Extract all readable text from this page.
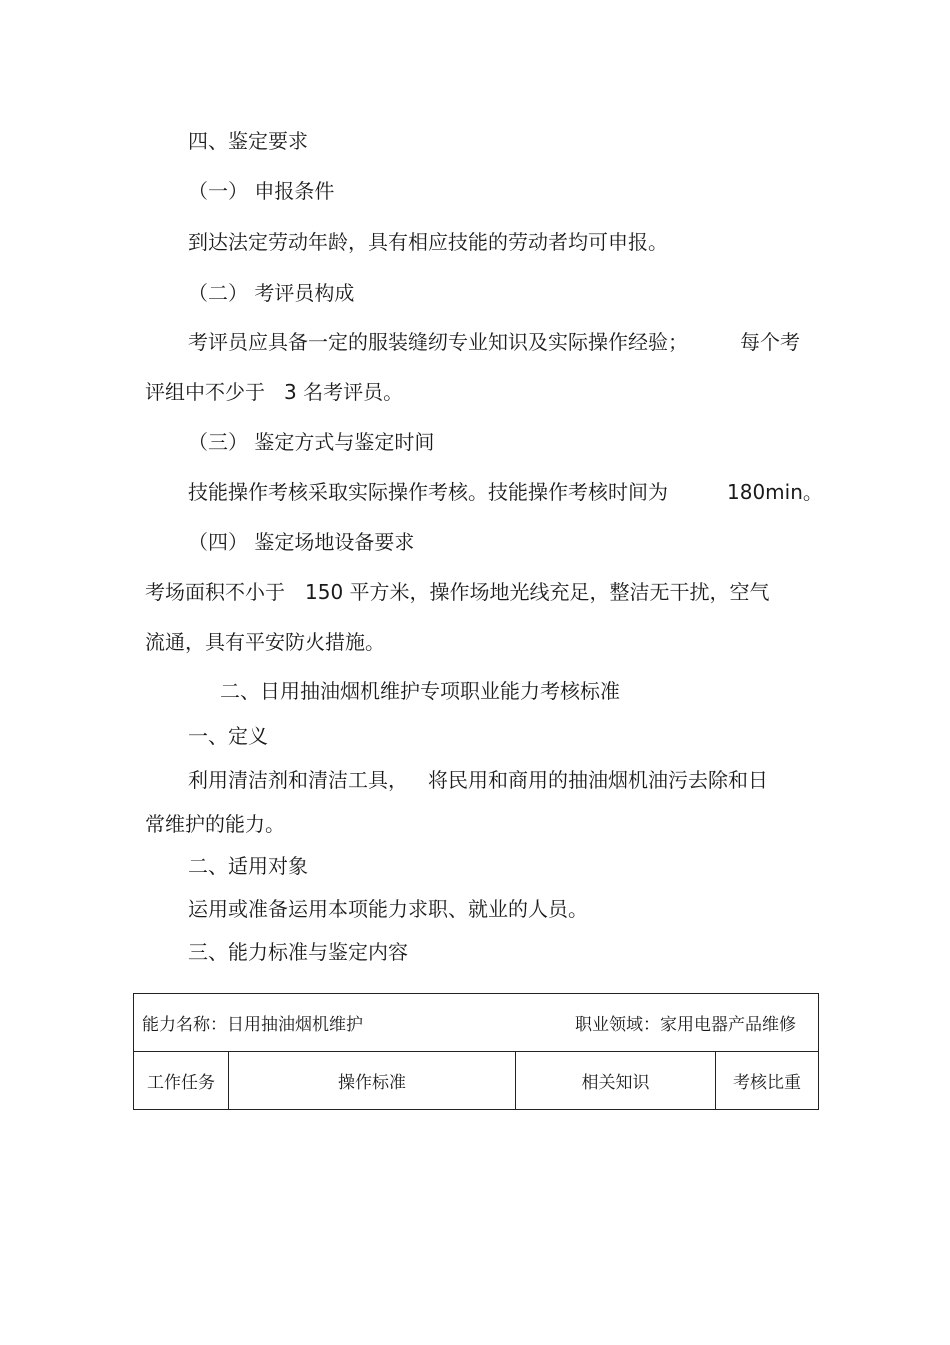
四、鉴定要求
（一） 申报条件
到达法定劳动年龄，具有相应技能的劳动者均可申报。
（二） 考评员构成
考评员应具备一定的服装缝纫专业知识及实际操作经验；	每个考
评组中不少于 3 名考评员。
（三） 鉴定方式与鉴定时间
技能操作考核采取实际操作考核。技能操作考核时间为	180min。
（四） 鉴定场地设备要求
考场面积不小于 150 平方米，操作场地光线充足，整洁无干扰，空气
流通，具有平安防火措施。
二、日用抽油烟机维护专项职业能力考核标准
一、定义
利用清洁剂和清洁工具， 将民用和商用的抽油烟机油污去除和日
常维护的能力。
二、适用对象
运用或准备运用本项能力求职、就业的人员。
三、能力标准与鉴定内容
能力名称：日用抽油烟机维护	职业领域：家用电器产品维修

工作任务	操作标准	相关知识	考核比重
